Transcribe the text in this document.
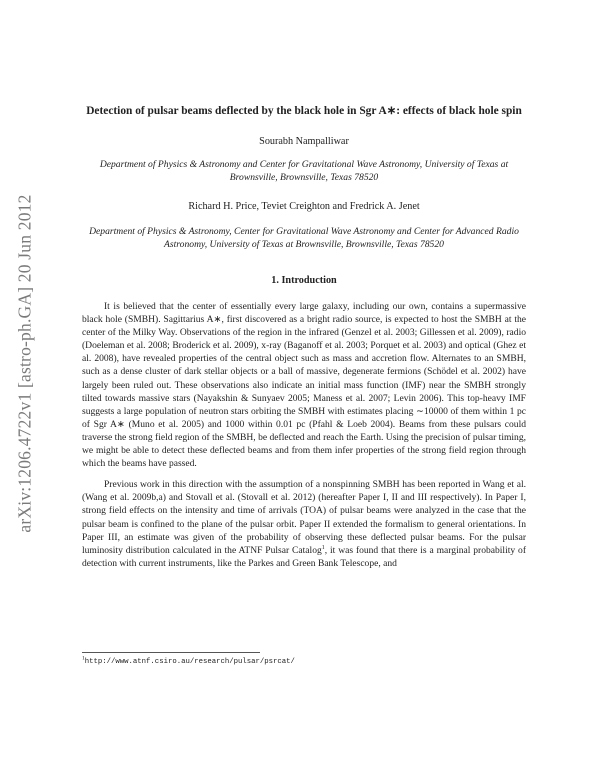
arXiv:1206.4722v1 [astro-ph.GA] 20 Jun 2012
Detection of pulsar beams deflected by the black hole in Sgr A∗: effects of black hole spin
Sourabh Nampalliwar
Department of Physics & Astronomy and Center for Gravitational Wave Astronomy, University of Texas at Brownsville, Brownsville, Texas 78520
Richard H. Price, Teviet Creighton and Fredrick A. Jenet
Department of Physics & Astronomy, Center for Gravitational Wave Astronomy and Center for Advanced Radio Astronomy, University of Texas at Brownsville, Brownsville, Texas 78520
1. Introduction

It is believed that the center of essentially every large galaxy, including our own, contains a supermassive black hole (SMBH). Sagittarius A∗, first discovered as a bright radio source, is expected to host the SMBH at the center of the Milky Way. Observations of the region in the infrared (Genzel et al. 2003; Gillessen et al. 2009), radio (Doeleman et al. 2008; Broderick et al. 2009), x-ray (Baganoff et al. 2003; Porquet et al. 2003) and optical (Ghez et al. 2008), have revealed properties of the central object such as mass and accretion flow. Alternates to an SMBH, such as a dense cluster of dark stellar objects or a ball of massive, degenerate fermions (Schödel et al. 2002) have largely been ruled out. These observations also indicate an initial mass function (IMF) near the SMBH strongly tilted towards massive stars (Nayakshin & Sunyaev 2005; Maness et al. 2007; Levin 2006). This top-heavy IMF suggests a large population of neutron stars orbiting the SMBH with estimates placing ∼10000 of them within 1 pc of Sgr A∗ (Muno et al. 2005) and 1000 within 0.01 pc (Pfahl & Loeb 2004). Beams from these pulsars could traverse the strong field region of the SMBH, be deflected and reach the Earth. Using the precision of pulsar timing, we might be able to detect these deflected beams and from them infer properties of the strong field region through which the beams have passed.

Previous work in this direction with the assumption of a nonspinning SMBH has been reported in Wang et al. (Wang et al. 2009b,a) and Stovall et al. (Stovall et al. 2012) (hereafter Paper I, II and III respectively). In Paper I, strong field effects on the intensity and time of arrivals (TOA) of pulsar beams were analyzed in the case that the pulsar beam is confined to the plane of the pulsar orbit. Paper II extended the formalism to general orientations. In Paper III, an estimate was given of the probability of observing these deflected pulsar beams. For the pulsar luminosity distribution calculated in the ATNF Pulsar Catalog$^1$, it was found that there is a marginal probability of detection with current instruments, like the Parkes and Green Bank Telescope, and

$^1$http://www.atnf.csiro.au/research/pulsar/psrcat/
